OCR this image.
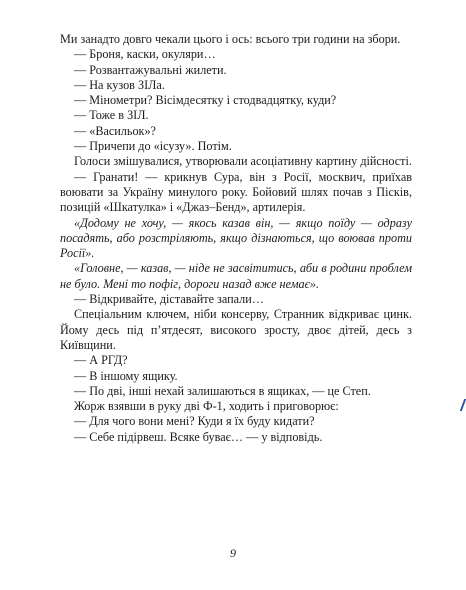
Ми занадто довго чекали цього і ось: всього три години на збори.

— Броня, каски, окуляри…

— Розвантажувальні жилети.

— На кузов ЗІЛа.

— Мінометри? Вісімдесятку і стодвадцятку, куди?

— Тоже в ЗІЛ.

— «Васильок»?

— Причепи до «ісузу». Потім.

Голоси змішувалися, утворювали асоціативну картину дійсності.

— Гранати! — крикнув Сура, він з Росії, москвич, приїхав воювати за Україну минулого року. Бойовий шлях почав з Пісків, позицій «Шкатулка» і «Джаз–Бенд», артилерія.

«Додому не хочу, — якось казав він, — якщо поїду — одразу посадять, або розстріляють, якщо дізнаються, що воював проти Росії».

«Головне, — казав, — ніде не засвітитись, аби в родини проблем не було. Мені то пофіг, дороги назад вже немає».

— Відкривайте, діставайте запали…

Спеціальним ключем, ніби консерву, Странник відкриває цинк. Йому десь під п’ятдесят, високого зросту, двоє дітей, десь з Київщини.

— А РГД?

— В іншому ящику.

— По дві, інші нехай залишаються в ящиках, — це Степ.

Жорж взявши в руку дві Ф-1, ходить і приговорює:

— Для чого вони мені? Куди я їх буду кидати?

— Себе підірвеш. Всяке буває… — у відповідь.

9
